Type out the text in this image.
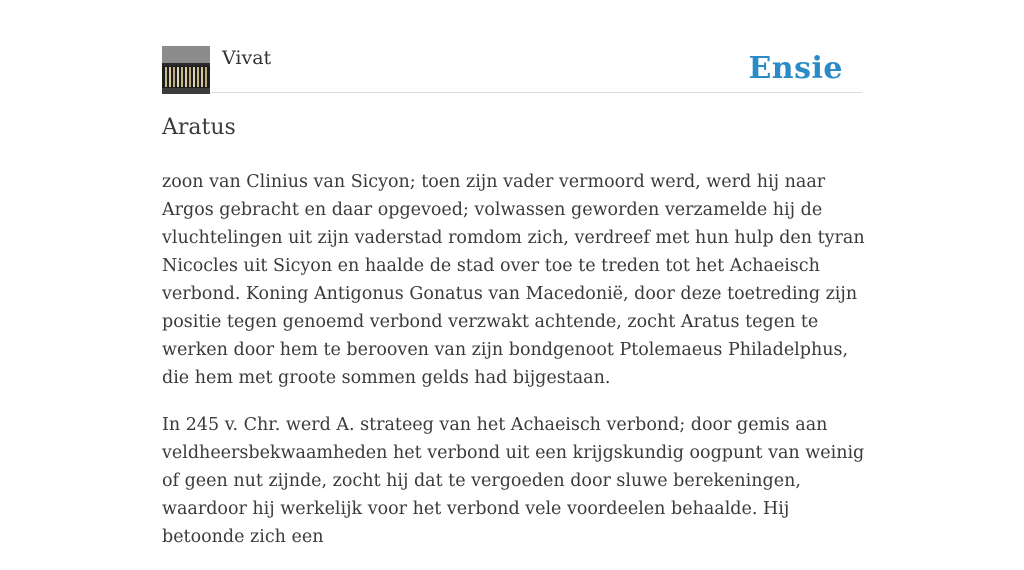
Vivat	Ensie
Aratus

zoon van Clinius van Sicyon; toen zijn vader vermoord werd, werd hij naar Argos gebracht en daar opgevoed; volwassen geworden verzamelde hij de vluchtelingen uit zijn vaderstad romdom zich, verdreef met hun hulp den tyran Nicocles uit Sicyon en haalde de stad over toe te treden tot het Achaeisch verbond. Koning Antigonus Gonatus van Macedonië, door deze toetreding zijn positie tegen genoemd verbond verzwakt achtende, zocht Aratus tegen te werken door hem te berooven van zijn bondgenoot Ptolemaeus Philadelphus, die hem met groote sommen gelds had bijgestaan.

In 245 v. Chr. werd A. strateeg van het Achaeisch verbond; door gemis aan veldheersbekwaamheden het verbond uit een krijgskundig oogpunt van weinig of geen nut zijnde, zocht hij dat te vergoeden door sluwe berekeningen, waardoor hij werkelijk voor het verbond vele voordeelen behaalde. Hij betoonde zich een
